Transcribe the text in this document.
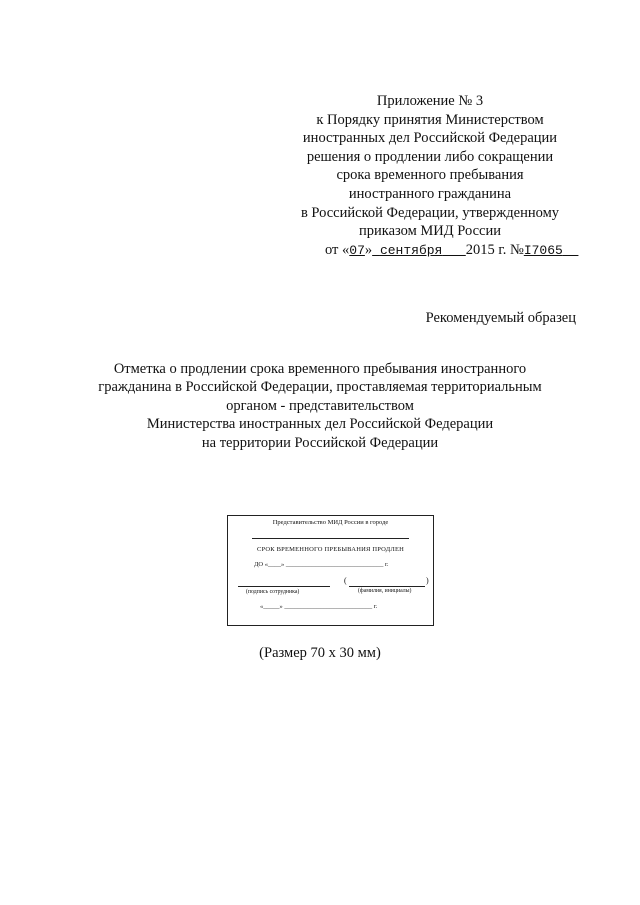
Приложение № 3
к Порядку принятия Министерством
иностранных дел Российской Федерации
решения о продлении либо сокращении
срока временного пребывания
иностранного гражданина
в Российской Федерации, утвержденному
приказом МИД России
от «07» сентября 2015 г. №I7065
Рекомендуемый образец
Отметка о продлении срока временного пребывания иностранного
гражданина в Российской Федерации, проставляемая территориальным
органом - представительством
Министерства иностранных дел Российской Федерации
на территории Российской Федерации
Представительство МИД России в городе
СРОК ВРЕМЕННОГО ПРЕБЫВАНИЯ ПРОДЛЕН
ДО «____» ______________________________ г.
(	)
(подпись сотрудника)	(фамилия, инициалы)
«_____» ___________________________ г.
(Размер 70 х 30 мм)
